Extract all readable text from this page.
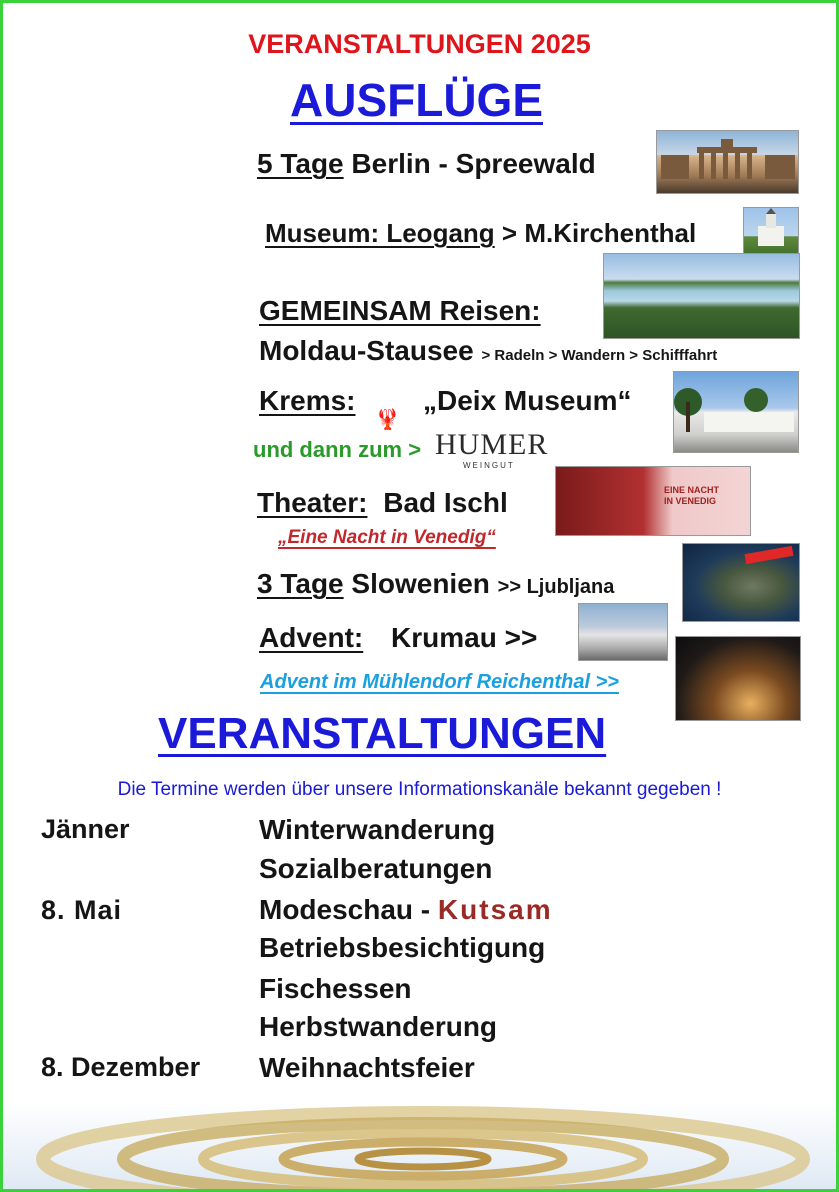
VERANSTALTUNGEN 2025
AUSFLÜGE
5 Tage Berlin - Spreewald
Museum: Leogang > M.Kirchenthal
GEMEINSAM Reisen:
Moldau-Stausee > Radeln > Wandern > Schifffahrt
Krems:
🦞
„Deix Museum“
und dann zum > HUMER
WEINGUT
Theater: Bad Ischl
„Eine Nacht in Venedig“
EINE NACHT IN VENEDIG
3 Tage Slowenien >> Ljubljana
Advent: Krumau >>
Advent im Mühlendorf Reichenthal >>
VERANSTALTUNGEN
Die Termine werden über unsere Informationskanäle bekannt gegeben !
Jänner	Winterwanderung
Sozialberatungen
8. Mai	Modeschau - Kutsam
Betriebsbesichtigung
Fischessen
Herbstwanderung
8. Dezember Weihnachtsfeier
